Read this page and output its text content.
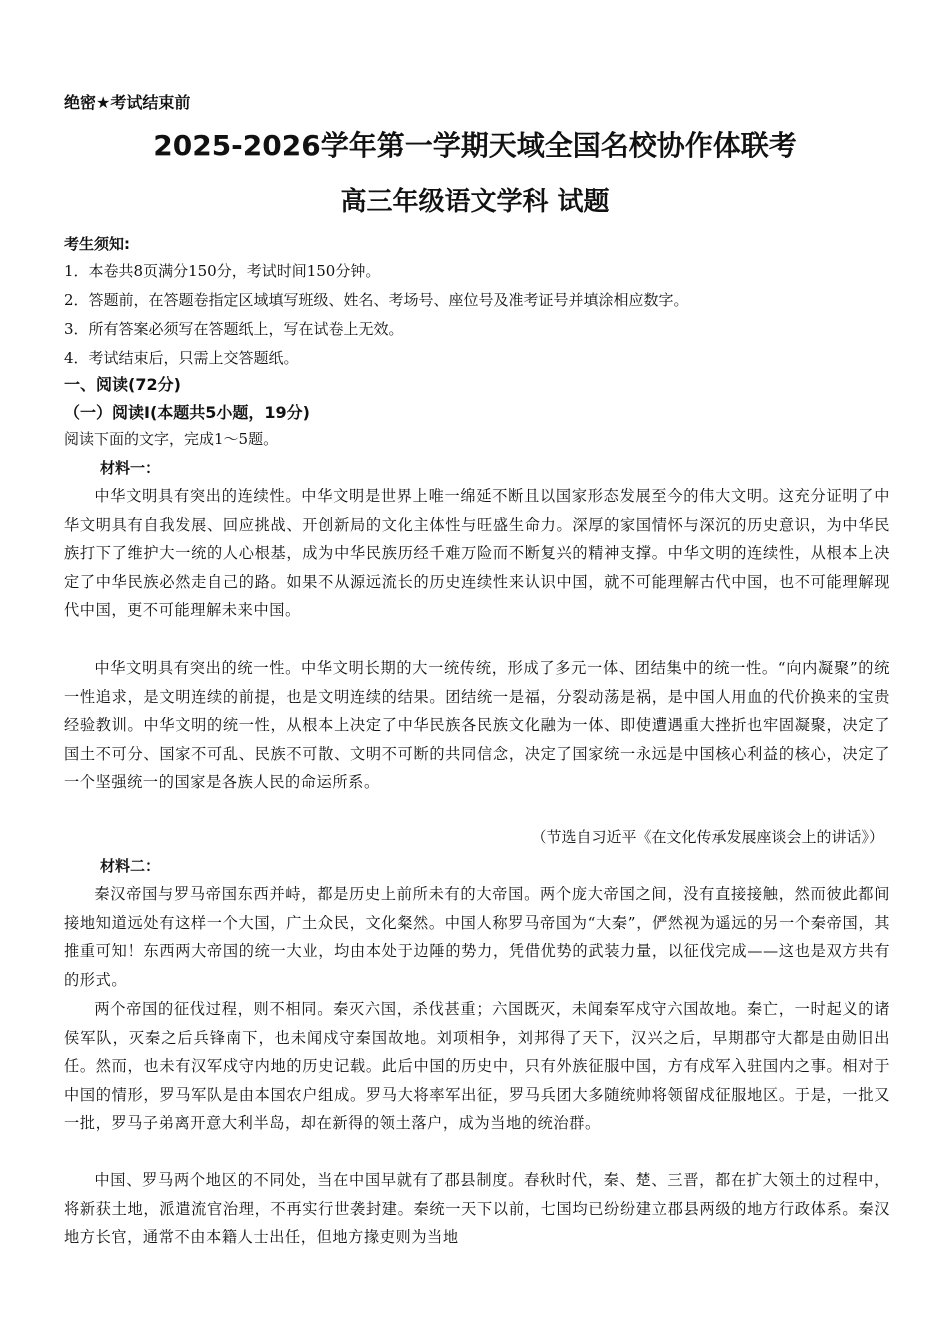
绝密★考试结束前
2025-2026学年第一学期天域全国名校协作体联考
高三年级语文学科 试题
考生须知:
1．本卷共8页满分150分，考试时间150分钟。
2．答题前，在答题卷指定区域填写班级、姓名、考场号、座位号及准考证号并填涂相应数字。
3．所有答案必须写在答题纸上，写在试卷上无效。
4．考试结束后，只需上交答题纸。
一、阅读(72分)
（一）阅读Ⅰ(本题共5小题，19分)
阅读下面的文字，完成1～5题。
材料一：
中华文明具有突出的连续性。中华文明是世界上唯一绵延不断且以国家形态发展至今的伟大文明。这充分证明了中华文明具有自我发展、回应挑战、开创新局的文化主体性与旺盛生命力。深厚的家国情怀与深沉的历史意识，为中华民族打下了维护大一统的人心根基，成为中华民族历经千难万险而不断复兴的精神支撑。中华文明的连续性，从根本上决定了中华民族必然走自己的路。如果不从源远流长的历史连续性来认识中国，就不可能理解古代中国，也不可能理解现代中国，更不可能理解未来中国。
中华文明具有突出的统一性。中华文明长期的大一统传统，形成了多元一体、团结集中的统一性。“向内凝聚”的统一性追求，是文明连续的前提，也是文明连续的结果。团结统一是福，分裂动荡是祸，是中国人用血的代价换来的宝贵经验教训。中华文明的统一性，从根本上决定了中华民族各民族文化融为一体、即使遭遇重大挫折也牢固凝聚，决定了国土不可分、国家不可乱、民族不可散、文明不可断的共同信念，决定了国家统一永远是中国核心利益的核心，决定了一个坚强统一的国家是各族人民的命运所系。
（节选自习近平《在文化传承发展座谈会上的讲话》）
材料二：
秦汉帝国与罗马帝国东西并峙，都是历史上前所未有的大帝国。两个庞大帝国之间，没有直接接触，然而彼此都间接地知道远处有这样一个大国，广土众民，文化粲然。中国人称罗马帝国为“大秦”，俨然视为遥远的另一个秦帝国，其推重可知！东西两大帝国的统一大业，均由本处于边陲的势力，凭借优势的武装力量，以征伐完成——这也是双方共有的形式。
两个帝国的征伐过程，则不相同。秦灭六国，杀伐甚重；六国既灭，未闻秦军戍守六国故地。秦亡，一时起义的诸侯军队，灭秦之后兵锋南下，也未闻戍守秦国故地。刘项相争，刘邦得了天下，汉兴之后，早期郡守大都是由勋旧出任。然而，也未有汉军戍守内地的历史记载。此后中国的历史中，只有外族征服中国，方有戍军入驻国内之事。相对于中国的情形，罗马军队是由本国农户组成。罗马大将率军出征，罗马兵团大多随统帅将领留戍征服地区。于是，一批又一批，罗马子弟离开意大利半岛，却在新得的领土落户，成为当地的统治群。
中国、罗马两个地区的不同处，当在中国早就有了郡县制度。春秋时代，秦、楚、三晋，都在扩大领土的过程中，将新获土地，派遣流官治理，不再实行世袭封建。秦统一天下以前，七国均已纷纷建立郡县两级的地方行政体系。秦汉地方长官，通常不由本籍人士出任，但地方掾吏则为当地
